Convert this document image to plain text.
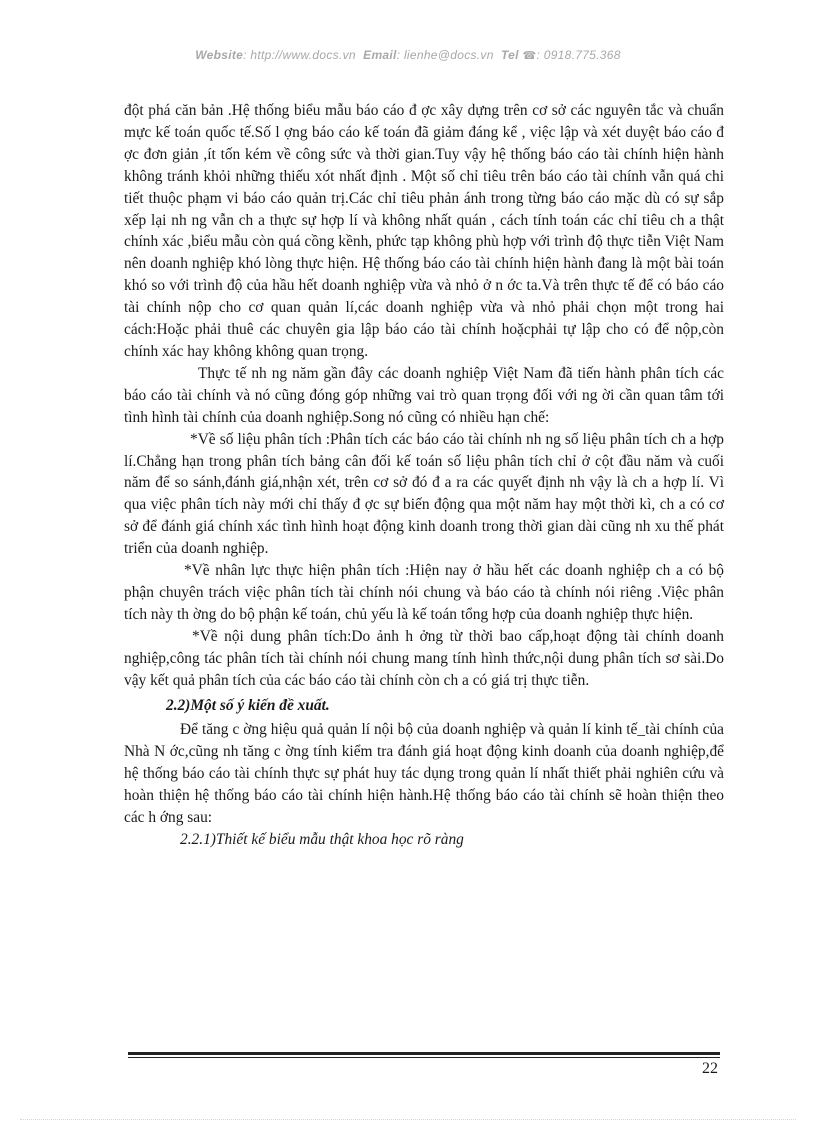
Website: http://www.docs.vn Email: lienhe@docs.vn Tel ☎: 0918.775.368

đột phá căn bản .Hệ thống biểu mẫu báo cáo đ ợc xây dựng trên cơ sở các nguyên tắc và chuẩn mực kế toán quốc tế.Số l ợng báo cáo kế toán đã giảm đáng kể , việc lập và xét duyệt báo cáo đ ợc đơn giản ,ít tốn kém về công sức và thời gian.Tuy vậy hệ thống báo cáo tài chính hiện hành không tránh khỏi những thiếu xót nhất định . Một số chỉ tiêu trên báo cáo tài chính vẫn quá chi tiết thuộc phạm vi báo cáo quản trị.Các chỉ tiêu phản ánh trong từng báo cáo mặc dù có sự sắp xếp lại nh ng vẫn ch a thực sự hợp lí và không nhất quán , cách tính toán các chỉ tiêu ch a thật chính xác ,biểu mẫu còn quá cồng kềnh, phức tạp không phù hợp với trình độ thực tiễn Việt Nam nên doanh nghiệp khó lòng thực hiện. Hệ thống báo cáo tài chính hiện hành đang là một bài toán khó so với trình độ của hầu hết doanh nghiệp vừa và nhỏ ở n ớc ta.Và trên thực tế để có báo cáo tài chính nộp cho cơ quan quản lí,các doanh nghiệp vừa và nhỏ phải chọn một trong hai cách:Hoặc phải thuê các chuyên gia lập báo cáo tài chính hoặcphải tự lập cho có để nộp,còn chính xác hay không không quan trọng.

Thực tế nh ng năm gần đây các doanh nghiệp Việt Nam đã tiến hành phân tích các báo cáo tài chính và nó cũng đóng góp những vai trò quan trọng đối với ng ời cần quan tâm tới tình hình tài chính của doanh nghiệp.Song nó cũng có nhiều hạn chế:

*Về số liệu phân tích :Phân tích các báo cáo tài chính nh ng số liệu phân tích ch a hợp lí.Chẳng hạn trong phân tích bảng cân đối kế toán số liệu phân tích chỉ ở cột đầu năm và cuối năm để so sánh,đánh giá,nhận xét, trên cơ sở đó đ a ra các quyết định nh vậy là ch a hợp lí. Vì qua việc phân tích này mới chỉ thấy đ ợc sự biến động qua một năm hay một thời kì, ch a có cơ sở để đánh giá chính xác tình hình hoạt động kinh doanh trong thời gian dài cũng nh xu thế phát triển của doanh nghiệp.

*Về nhân lực thực hiện phân tích :Hiện nay ở hầu hết các doanh nghiệp ch a có bộ phận chuyên trách việc phân tích tài chính nói chung và báo cáo tà chính nói riêng .Việc phân tích này th ờng do bộ phận kế toán, chủ yếu là kế toán tổng hợp của doanh nghiệp thực hiện.

*Về nội dung phân tích:Do ảnh h ởng từ thời bao cấp,hoạt động tài chính doanh nghiệp,công tác phân tích tài chính nói chung mang tính hình thức,nội dung phân tích sơ sài.Do vậy kết quả phân tích của các báo cáo tài chính còn ch a có giá trị thực tiễn.

2.2)Một số ý kiến đề xuất.

Để tăng c ờng hiệu quả quản lí nội bộ của doanh nghiệp và quản lí kinh tế_tài chính của Nhà N ớc,cũng nh tăng c ờng tính kiểm tra đánh giá hoạt động kinh doanh của doanh nghiệp,để hệ thống báo cáo tài chính thực sự phát huy tác dụng trong quản lí nhất thiết phải nghiên cứu và hoàn thiện hệ thống báo cáo tài chính hiện hành.Hệ thống báo cáo tài chính sẽ hoàn thiện theo các h ớng sau:

2.2.1)Thiết kế biểu mẫu thật khoa học rõ ràng

22
